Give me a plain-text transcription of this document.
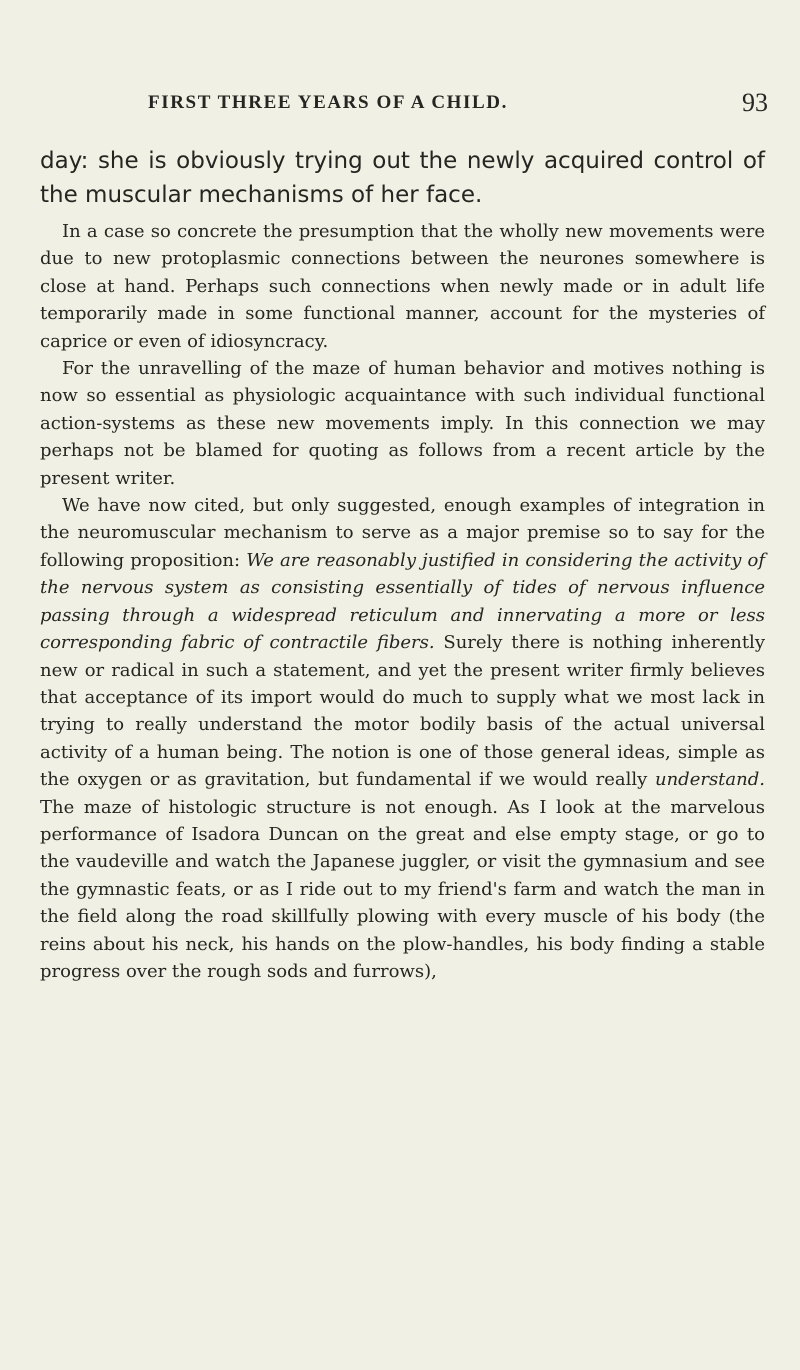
FIRST THREE YEARS OF A CHILD.	93

day: she is obviously trying out the newly acquired control of the muscular mechanisms of her face.

In a case so concrete the presumption that the wholly new movements were due to new protoplasmic connections between the neurones somewhere is close at hand. Perhaps such connections when newly made or in adult life temporarily made in some functional manner, account for the mysteries of caprice or even of idiosyncracy.

For the unravelling of the maze of human behavior and motives nothing is now so essential as physiologic acquaintance with such individual functional action-systems as these new movements imply. In this connection we may perhaps not be blamed for quoting as follows from a recent article by the present writer.

We have now cited, but only suggested, enough examples of integration in the neuromuscular mechanism to serve as a major premise so to say for the following proposition: We are reasonably justified in considering the activity of the nervous system as consisting essentially of tides of nervous influence passing through a widespread reticulum and innervating a more or less corresponding fabric of contractile fibers. Surely there is nothing inherently new or radical in such a statement, and yet the present writer firmly believes that acceptance of its import would do much to supply what we most lack in trying to really understand the motor bodily basis of the actual universal activity of a human being. The notion is one of those general ideas, simple as the oxygen or as gravitation, but fundamental if we would really understand. The maze of histologic structure is not enough. As I look at the marvelous performance of Isadora Duncan on the great and else empty stage, or go to the vaudeville and watch the Japanese juggler, or visit the gymnasium and see the gymnastic feats, or as I ride out to my friend's farm and watch the man in the field along the road skillfully plowing with every muscle of his body (the reins about his neck, his hands on the plow-handles, his body finding a stable progress over the rough sods and furrows),
